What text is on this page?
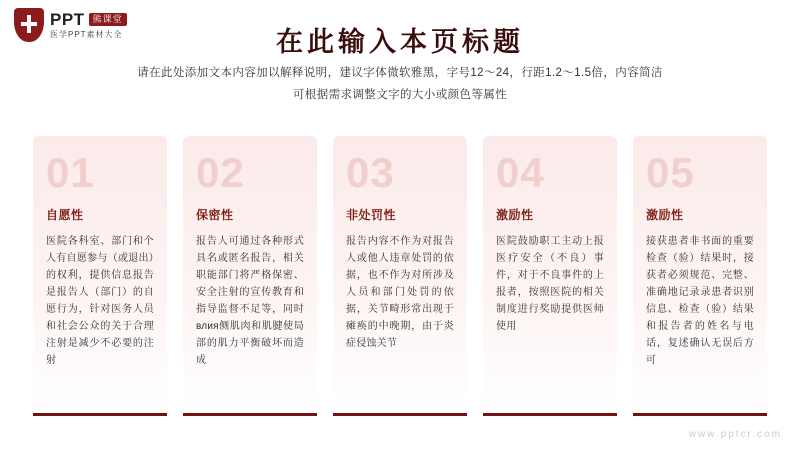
PPT 熊课堂
医学PPT素材大全	在此输入本页标题
请在此处添加文本内容加以解释说明，建议字体微软雅黑，字号12～24，行距1.2～1.5倍，内容简洁
可根据需求调整文字的大小或颜色等属性
01
自愿性
医院各科室、部门和个人有自愿参与（或退出）的权利，提供信息报告是报告人（部门）的自愿行为，针对医务人员和社会公众的关于合理注射是减少不必要的注射
02
保密性
报告人可通过各种形式具名或匿名报告，相关职能部门将严格保密、安全注射的宣传教育和指导监督不足等，同时влия侧肌肉和肌腱使局部的肌力平衡破坏而造成
03
非处罚性
报告内容不作为对报告人或他人违章处罚的依据，也不作为对所涉及人员和部门处罚的依据，关节畸形常出现于瘫痪的中晚期，由于炎症侵蚀关节
04
激励性
医院鼓励职工主动上报医疗安全（不良）事件，对于不良事件的上报者，按照医院的相关制度进行奖励提供医师使用
05
激励性
接获患者非书面的重要检查（验）结果时，接获者必须规范、完整、准确地记录录患者识别信息、检查（验）结果和报告者的姓名与电话，复述确认无误后方可
www.pptcr.com
